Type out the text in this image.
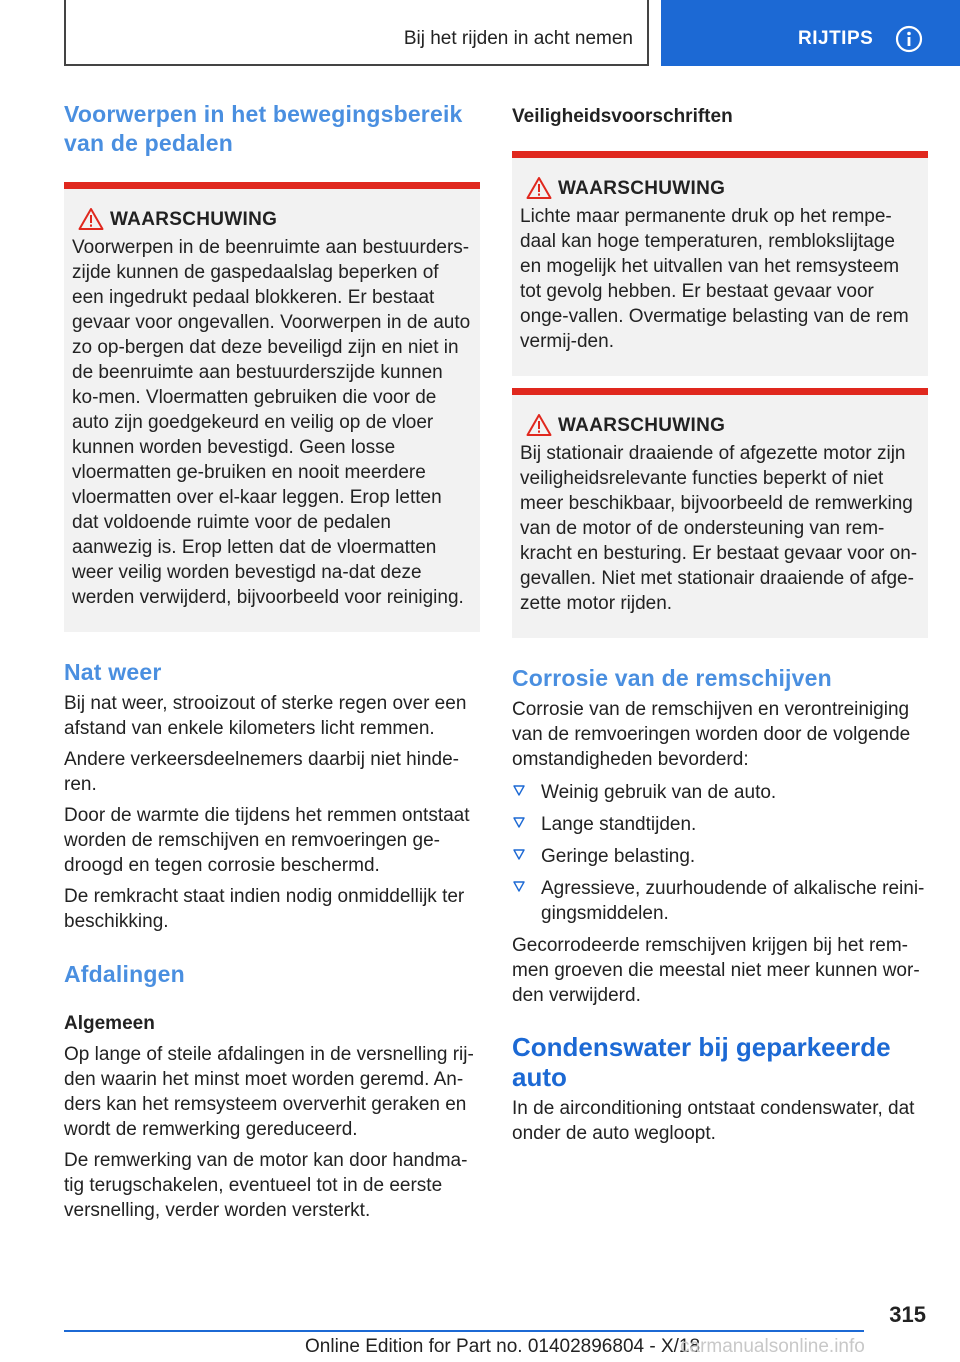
Bij het rijden in acht nemen	RIJTIPS
Voorwerpen in het bewegingsbereik van de pedalen
WAARSCHUWING
Voorwerpen in de beenruimte aan bestuurders-zijde kunnen de gaspedaalslag beperken of een ingedrukt pedaal blokkeren. Er bestaat gevaar voor ongevallen. Voorwerpen in de auto zo op-bergen dat deze beveiligd zijn en niet in de beenruimte aan bestuurderszijde kunnen ko-men. Vloermatten gebruiken die voor de auto zijn goedgekeurd en veilig op de vloer kunnen worden bevestigd. Geen losse vloermatten ge-bruiken en nooit meerdere vloermatten over el-kaar leggen. Erop letten dat voldoende ruimte voor de pedalen aanwezig is. Erop letten dat de vloermatten weer veilig worden bevestigd na-dat deze werden verwijderd, bijvoorbeeld voor reiniging.
Nat weer

Bij nat weer, strooizout of sterke regen over een afstand van enkele kilometers licht remmen.

Andere verkeersdeelnemers daarbij niet hinde-ren.

Door de warmte die tijdens het remmen ontstaat worden de remschijven en remvoeringen ge-droogd en tegen corrosie beschermd.

De remkracht staat indien nodig onmiddellijk ter beschikking.

Afdalingen
Algemeen

Op lange of steile afdalingen in de versnelling rij-den waarin het minst moet worden geremd. An-ders kan het remsysteem oververhit geraken en wordt de remwerking gereduceerd.

De remwerking van de motor kan door handma-tig terugschakelen, eventueel tot in de eerste versnelling, verder worden versterkt.

Veiligheidsvoorschriften
WAARSCHUWING
Lichte maar permanente druk op het rempe-daal kan hoge temperaturen, remblokslijtage en mogelijk het uitvallen van het remsysteem tot gevolg hebben. Er bestaat gevaar voor onge-vallen. Overmatige belasting van de rem vermij-den.
WAARSCHUWING
Bij stationair draaiende of afgezette motor zijn veiligheidsrelevante functies beperkt of niet meer beschikbaar, bijvoorbeeld de remwerking van de motor of de ondersteuning van rem-kracht en besturing. Er bestaat gevaar voor on-gevallen. Niet met stationair draaiende of afge-zette motor rijden.
Corrosie van de remschijven

Corrosie van de remschijven en verontreiniging van de remvoeringen worden door de volgende omstandigheden bevorderd:

Weinig gebruik van de auto.
Lange standtijden.
Geringe belasting.
Agressieve, zuurhoudende of alkalische reini-gingsmiddelen.

Gecorrodeerde remschijven krijgen bij het rem-men groeven die meestal niet meer kunnen wor-den verwijderd.

Condenswater bij geparkeerde auto

In de airconditioning ontstaat condenswater, dat onder de auto wegloopt.

315
Online Edition for Part no. 01402896804 - X/18
carmanualsonline.info
